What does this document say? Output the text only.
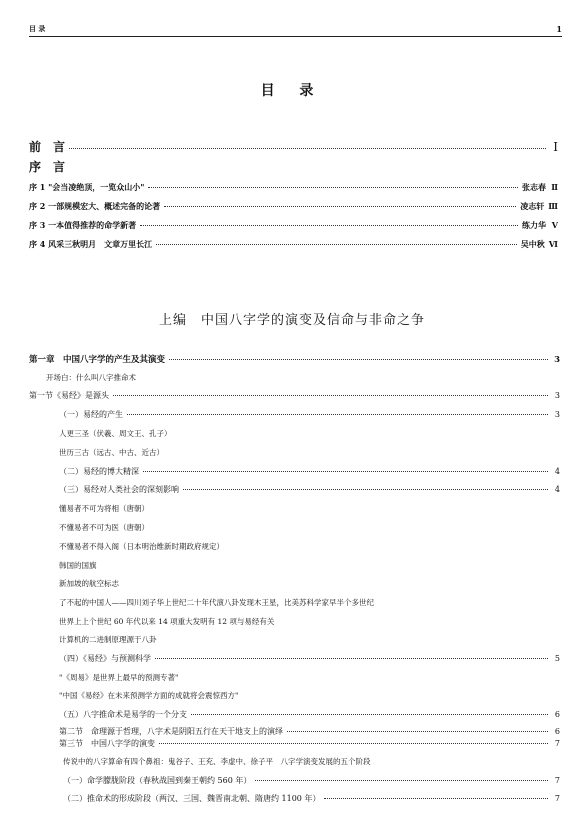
目 录	1
目 录
前　言	Ⅰ
序　言
序 1 "会当凌绝顶，一览众山小"	张志春 Ⅱ
序 2 一部规模宏大、概述完备的论著	凌志轩 Ⅲ
序 3 一本值得推荐的命学新著	练力华 Ⅴ
序 4 风采三秋明月　文章万里长江	吴中秋 Ⅵ
上编　中国八字学的演变及信命与非命之争
第一章　中国八字学的产生及其演变	3
开场白：什么叫八字推命术
第一节《易经》是源头	3
（一）易经的产生	3
人更三圣（伏羲、周文王、孔子）
世历三古（远古、中古、近古）
（二）易经的博大精深	4
（三）易经对人类社会的深刻影响	4
懂易者不可为将相（唐朝）
不懂易者不可为医（唐朝）
不懂易者不得入阁（日本明治维新时期政府规定）
韩国的国旗
新加坡的航空标志
了不起的中国人——四川刘子华上世纪二十年代演八卦发现木王星，比美苏科学家早半个多世纪
世界上上个世纪 60 年代以来 14 项重大发明有 12 项与易经有关
计算机的二进制原理源于八卦
（四）《易经》与预测科学	5
"《周易》是世界上最早的预测专著"
"中国《易经》在未来预测学方面的成就将会震惊西方"
（五）八字推命术是易学的一个分支	6
第二节　命理源于哲理，八字术是阴阳五行在天干地支上的演绎	6
第三节　中国八字学的演变	7
传说中的八字算命有四个鼻祖：鬼谷子、王充、李虚中、徐子平　八字学演变发展的五个阶段
（一）命学朦胧阶段（春秋战国到秦王朝约 560 年）	7
（二）推命术的形成阶段（两汉、三国、魏晋南北朝、隋唐约 1100 年）	7
